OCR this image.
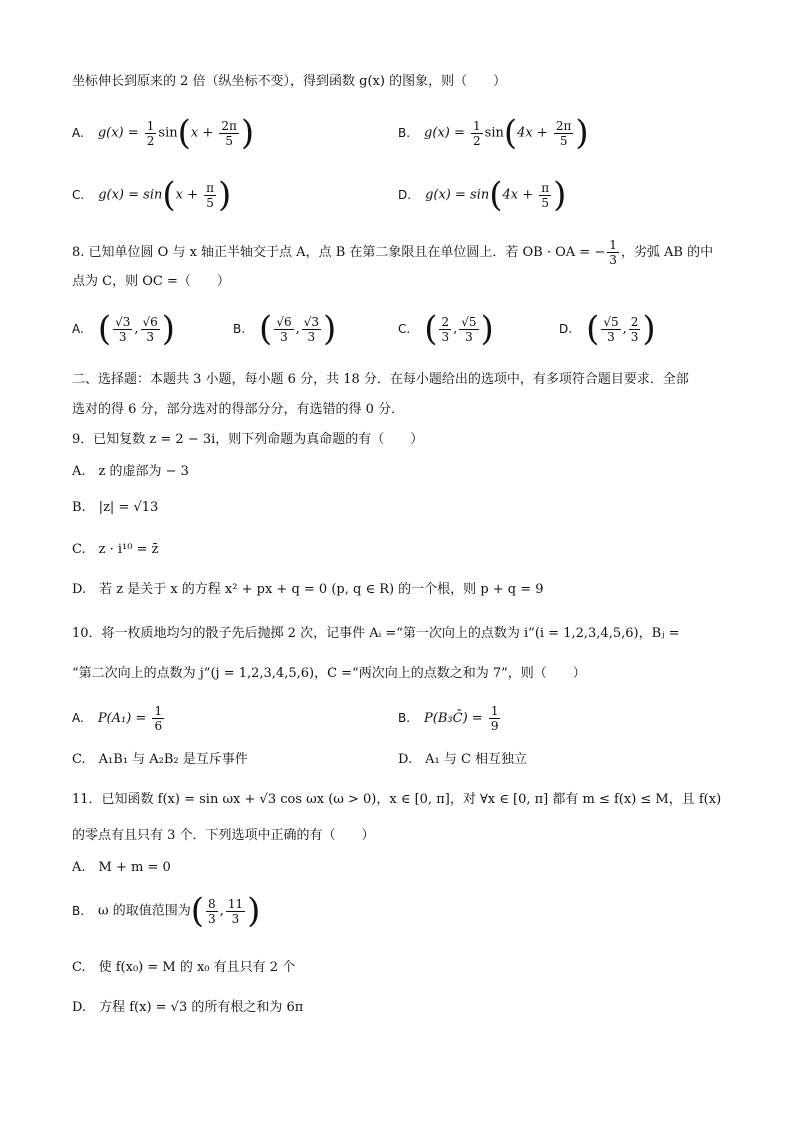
坐标伸长到原来的 2 倍（纵坐标不变），得到函数 g(x) 的图象，则（　　）
A. $g(x) = \frac{1}{2} \sin(x + \frac{2\pi}{5}$ )	B. $g(x) = \frac{1}{2} \sin(4x + \frac{2\pi}{5}$ )
C. $g(x) = \sin(x + \frac{\pi}{5}$ )	D. $g(x) = \sin(4x + \frac{\pi}{5}$ )
8. 已知单位圆 O 与 x 轴正半轴交于点 A，点 B 在第二象限且在单位圆上．若 OB · OA = − $\frac{1}{3}$ ，劣弧 AB 的中
点为 C，则 OC =（　　）
A. ( $\frac{√3}{3}$ , $\frac{√6}{3}$ )	B. ( $\frac{√6}{3}$ , $\frac{√3}{3}$ )	C. ( $\frac{2}{3}$ , $\frac{√5}{3}$ )	D. ( $\frac{√5}{3}$ , $\frac{2}{3}$ )
二、选择题：本题共 3 小题，每小题 6 分，共 18 分．在每小题给出的选项中，有多项符合题目要求．全部
选对的得 6 分，部分选对的得部分分，有选错的得 0 分．
9．已知复数 z = 2 − 3i，则下列命题为真命题的有（　　）
A.　z 的虚部为 − 3
B.　|z| = √13
C.　z · i¹⁰ = z̄
D.　若 z 是关于 x 的方程 x² + px + q = 0 (p, q ∈ R) 的一个根，则 p + q = 9
10．将一枚质地均匀的骰子先后抛掷 2 次，记事件 Aᵢ =“第一次向上的点数为 i”(i = 1,2,3,4,5,6)，Bⱼ =
“第二次向上的点数为 j”(j = 1,2,3,4,5,6)，C =“两次向上的点数之和为 7”，则（　　）
A. $P(A_1) = \frac{1}{6}$	B. P(B₃C̄) = $\frac{1}{9}$
C.　A₁B₁ 与 A₂B₂ 是互斥事件	D.　A₁ 与 C 相互独立
11．已知函数 f(x) = sin ωx + √3 cos ωx (ω > 0)，x ∈ [0, π]，对 ∀x ∈ [0, π] 都有 m ≤ f(x) ≤ M，且 f(x)
的零点有且只有 3 个．下列选项中正确的有（　　）
A.　M + m = 0
B. ω 的取值范围为( $\frac{8}{3}$ , $\frac{11}{3}$ )
C.　使 f(x₀) = M 的 x₀ 有且只有 2 个
D.　方程 f(x) = √3 的所有根之和为 6π
